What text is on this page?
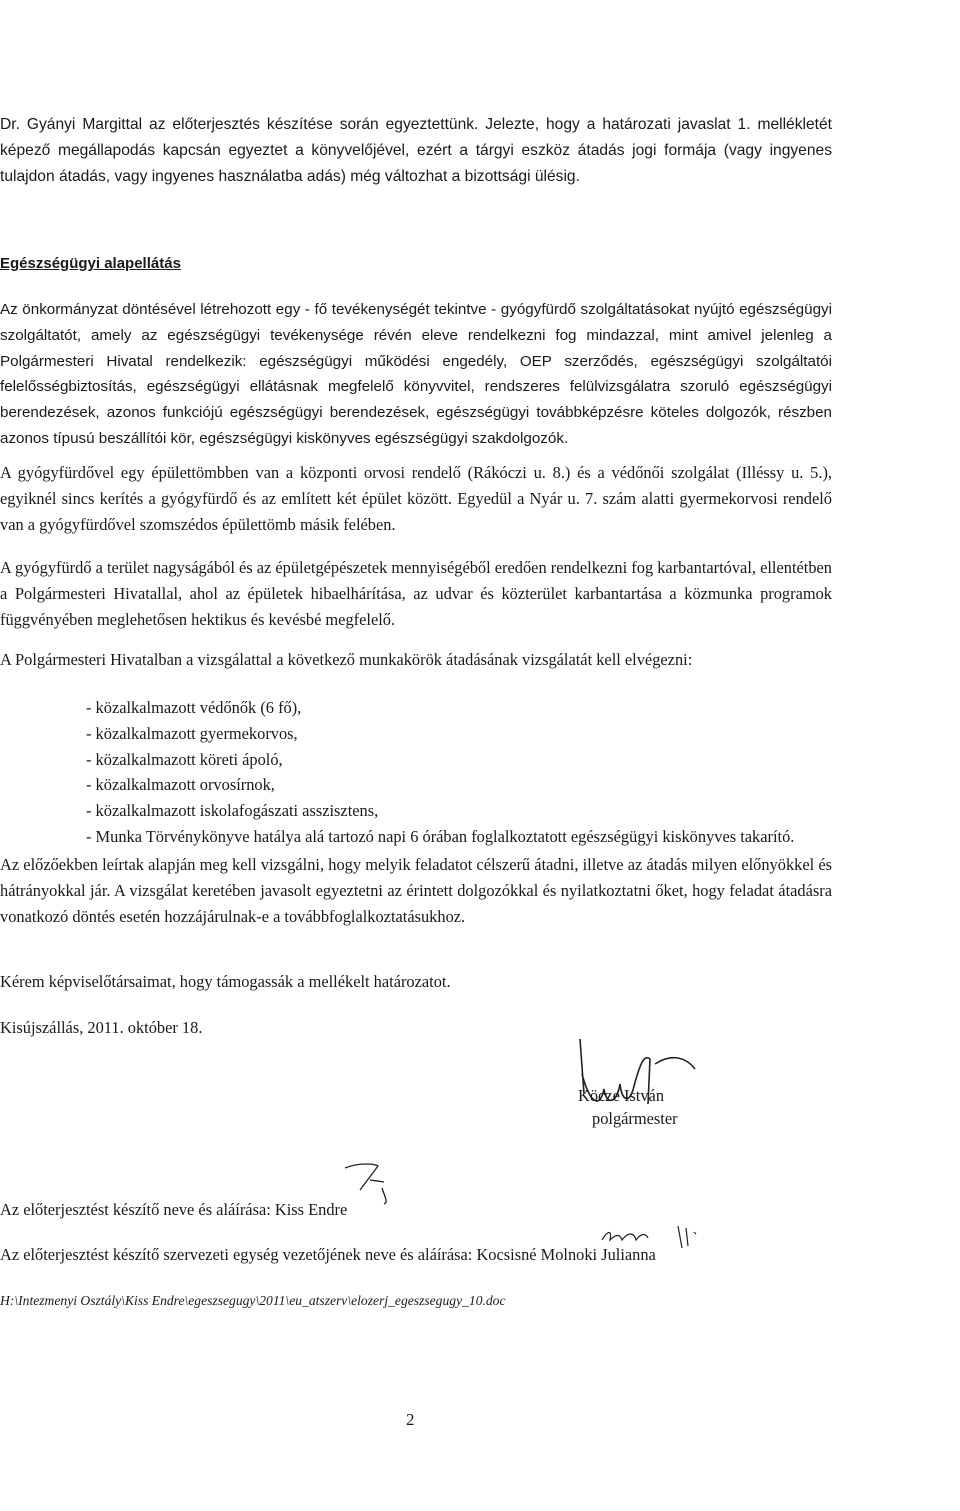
Dr. Gyányi Margittal az előterjesztés készítése során egyeztettünk. Jelezte, hogy a határozati javaslat 1. mellékletét képező megállapodás kapcsán egyeztet a könyvelőjével, ezért a tárgyi eszköz átadás jogi formája (vagy ingyenes tulajdon átadás, vagy ingyenes használatba adás) még változhat a bizottsági ülésig.
Egészségügyi alapellátás
Az önkormányzat döntésével létrehozott egy - fő tevékenységét tekintve - gyógyfürdő szolgáltatásokat nyújtó egészségügyi szolgáltatót, amely az egészségügyi tevékenysége révén eleve rendelkezni fog mindazzal, mint amivel jelenleg a Polgármesteri Hivatal rendelkezik: egészségügyi működési engedély, OEP szerződés, egészségügyi szolgáltatói felelősségbiztosítás, egészségügyi ellátásnak megfelelő könyvvitel, rendszeres felülvizsgálatra szoruló egészségügyi berendezések, azonos funkciójú egészségügyi berendezések, egészségügyi továbbképzésre köteles dolgozók, részben azonos típusú beszállítói kör, egészségügyi kiskönyves egészségügyi szakdolgozók.
A gyógyfürdővel egy épülettömbben van a központi orvosi rendelő (Rákóczi u. 8.) és a védőnői szolgálat (Illéssy u. 5.), egyiknél sincs kerítés a gyógyfürdő és az említett két épület között. Egyedül a Nyár u. 7. szám alatti gyermekorvosi rendelő van a gyógyfürdővel szomszédos épülettömb másik felében.
A gyógyfürdő a terület nagyságából és az épületgépészetek mennyiségéből eredően rendelkezni fog karbantartóval, ellentétben a Polgármesteri Hivatallal, ahol az épületek hibaelhárítása, az udvar és közterület karbantartása a közmunka programok függvényében meglehetősen hektikus és kevésbé megfelelő.
A Polgármesteri Hivatalban a vizsgálattal a következő munkakörök átadásának vizsgálatát kell elvégezni:
- közalkalmazott védőnők (6 fő),
- közalkalmazott gyermekorvos,
- közalkalmazott köreti ápoló,
- közalkalmazott orvosírnok,
- közalkalmazott iskolafogászati asszisztens,
- Munka Törvénykönyve hatálya alá tartozó napi 6 órában foglalkoztatott egészségügyi kiskönyves takarító.
Az előzőekben leírtak alapján meg kell vizsgálni, hogy melyik feladatot célszerű átadni, illetve az átadás milyen előnyökkel és hátrányokkal jár. A vizsgálat keretében javasolt egyeztetni az érintett dolgozókkal és nyilatkoztatni őket, hogy feladat átadásra vonatkozó döntés esetén hozzájárulnak-e a továbbfoglalkoztatásukhoz.
Kérem képviselőtársaimat, hogy támogassák a mellékelt határozatot.
Kisújszállás, 2011. október 18.
Köcze István
polgármester
Az előterjesztést készítő neve és aláírása: Kiss Endre
Az előterjesztést készítő szervezeti egység vezetőjének neve és aláírása: Kocsisné Molnoki Julianna
H:\Intezmenyi Osztály\Kiss Endre\egeszsegugy\2011\eu_atszerv\elozerj_egeszsegugy_10.doc
2
